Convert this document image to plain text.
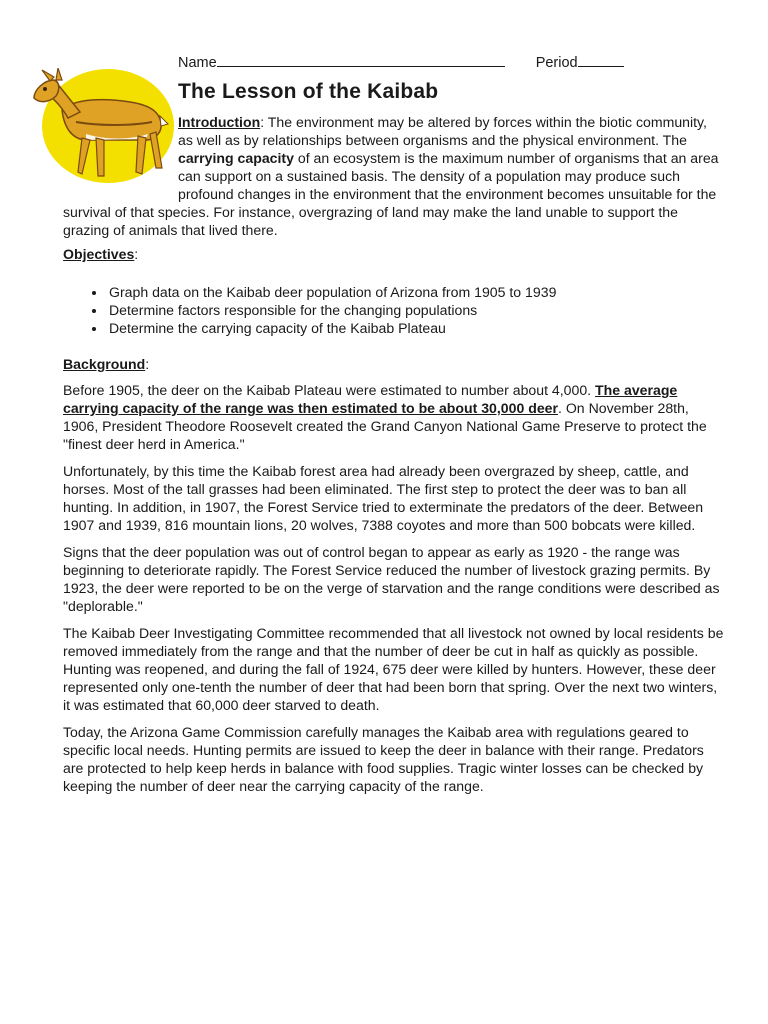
Name	Period
The Lesson of the Kaibab

Introduction: The environment may be altered by forces within the biotic community, as well as by relationships between organisms and the physical environment. The carrying capacity of an ecosystem is the maximum number of organisms that an area can support on a sustained basis. The density of a population may produce such profound changes in the environment that the environment becomes unsuitable for the survival of that species. For instance, overgrazing of land may make the land unable to support the grazing of animals that lived there.

Objectives:

• Graph data on the Kaibab deer population of Arizona from 1905 to 1939
• Determine factors responsible for the changing populations
• Determine the carrying capacity of the Kaibab Plateau

Background:

Before 1905, the deer on the Kaibab Plateau were estimated to number about 4,000. The average carrying capacity of the range was then estimated to be about 30,000 deer. On November 28th, 1906, President Theodore Roosevelt created the Grand Canyon National Game Preserve to protect the "finest deer herd in America."

Unfortunately, by this time the Kaibab forest area had already been overgrazed by sheep, cattle, and horses. Most of the tall grasses had been eliminated. The first step to protect the deer was to ban all hunting. In addition, in 1907, the Forest Service tried to exterminate the predators of the deer. Between 1907 and 1939, 816 mountain lions, 20 wolves, 7388 coyotes and more than 500 bobcats were killed.

Signs that the deer population was out of control began to appear as early as 1920 - the range was beginning to deteriorate rapidly. The Forest Service reduced the number of livestock grazing permits. By 1923, the deer were reported to be on the verge of starvation and the range conditions were described as "deplorable."

The Kaibab Deer Investigating Committee recommended that all livestock not owned by local residents be removed immediately from the range and that the number of deer be cut in half as quickly as possible. Hunting was reopened, and during the fall of 1924, 675 deer were killed by hunters. However, these deer represented only one-tenth the number of deer that had been born that spring. Over the next two winters, it was estimated that 60,000 deer starved to death.

Today, the Arizona Game Commission carefully manages the Kaibab area with regulations geared to specific local needs. Hunting permits are issued to keep the deer in balance with their range. Predators are protected to help keep herds in balance with food supplies. Tragic winter losses can be checked by keeping the number of deer near the carrying capacity of the range.
